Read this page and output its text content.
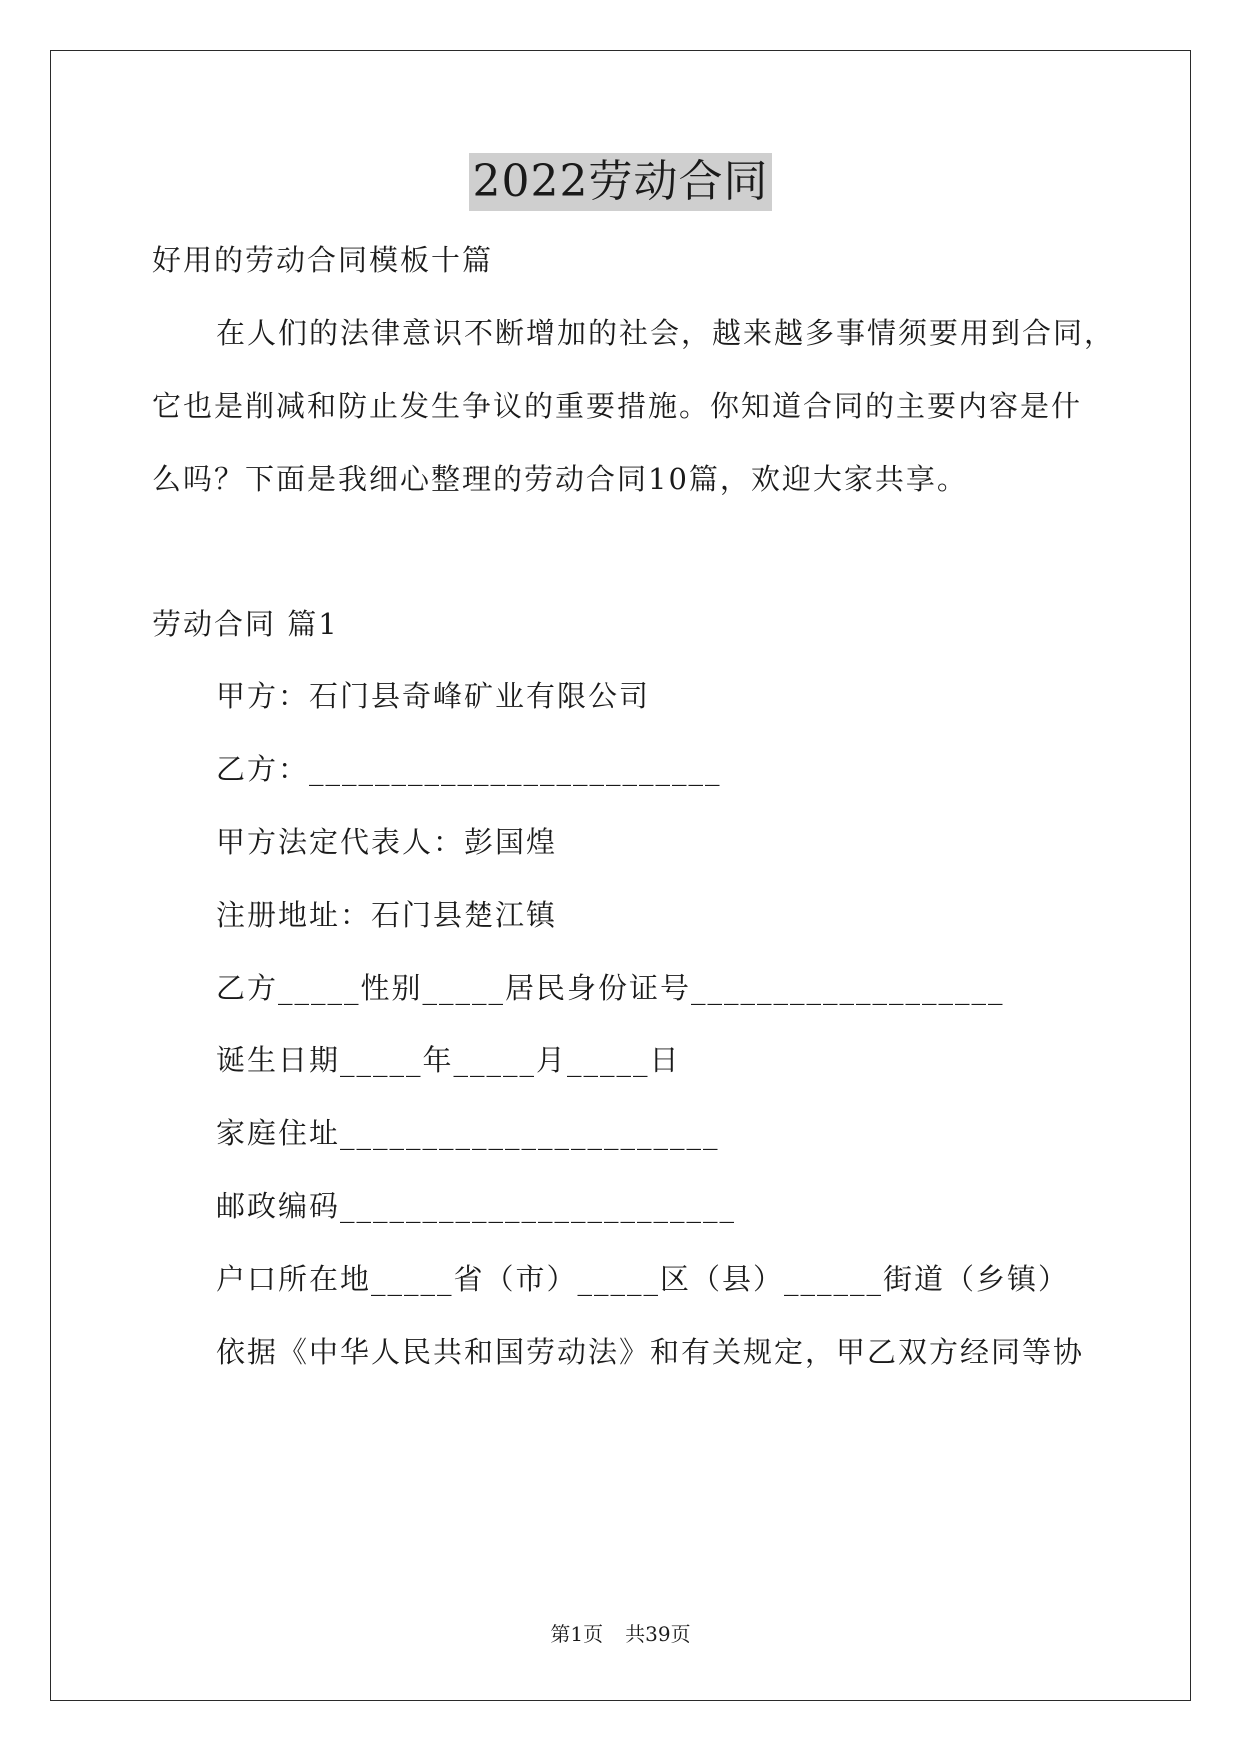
2022劳动合同
好用的劳动合同模板十篇
在人们的法律意识不断增加的社会，越来越多事情须要用到合同，
它也是削减和防止发生争议的重要措施。你知道合同的主要内容是什
么吗？下面是我细心整理的劳动合同10篇，欢迎大家共享。
劳动合同 篇1
甲方：石门县奇峰矿业有限公司
乙方：_________________________
甲方法定代表人：彭国煌
注册地址：石门县楚江镇
乙方_____性别_____居民身份证号___________________
诞生日期_____年_____月_____日
家庭住址_______________________
邮政编码________________________
户口所在地_____省（市）_____区（县）______街道（乡镇）
依据《中华人民共和国劳动法》和有关规定，甲乙双方经同等协
第1页 共39页
